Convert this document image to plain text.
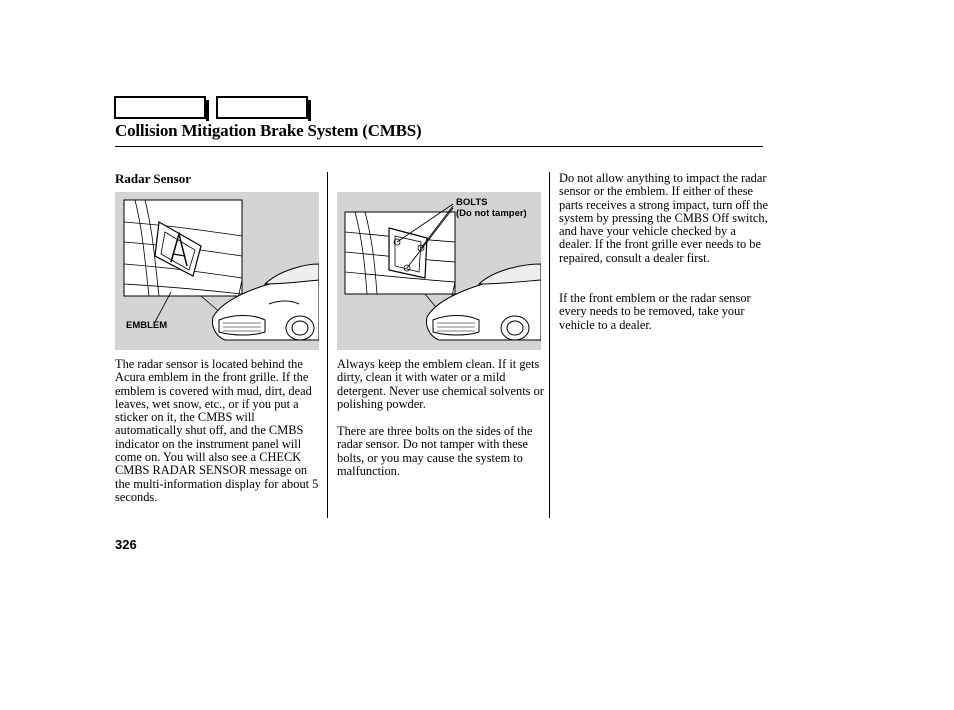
Collision Mitigation Brake System (CMBS)
Radar Sensor
EMBLEM
BOLTS
(Do not tamper)

The radar sensor is located behind the Acura emblem in the front grille. If the emblem is covered with mud, dirt, dead leaves, wet snow, etc., or if you put a sticker on it, the CMBS will automatically shut off, and the CMBS indicator on the instrument panel will come on. You will also see a CHECK CMBS RADAR SENSOR message on the multi-information display for about 5 seconds.

Always keep the emblem clean. If it gets dirty, clean it with water or a mild detergent. Never use chemical solvents or polishing powder.

There are three bolts on the sides of the radar sensor. Do not tamper with these bolts, or you may cause the system to malfunction.

Do not allow anything to impact the radar sensor or the emblem. If either of these parts receives a strong impact, turn off the system by pressing the CMBS Off switch, and have your vehicle checked by a dealer. If the front grille ever needs to be repaired, consult a dealer first.

If the front emblem or the radar sensor every needs to be removed, take your vehicle to a dealer.

326
